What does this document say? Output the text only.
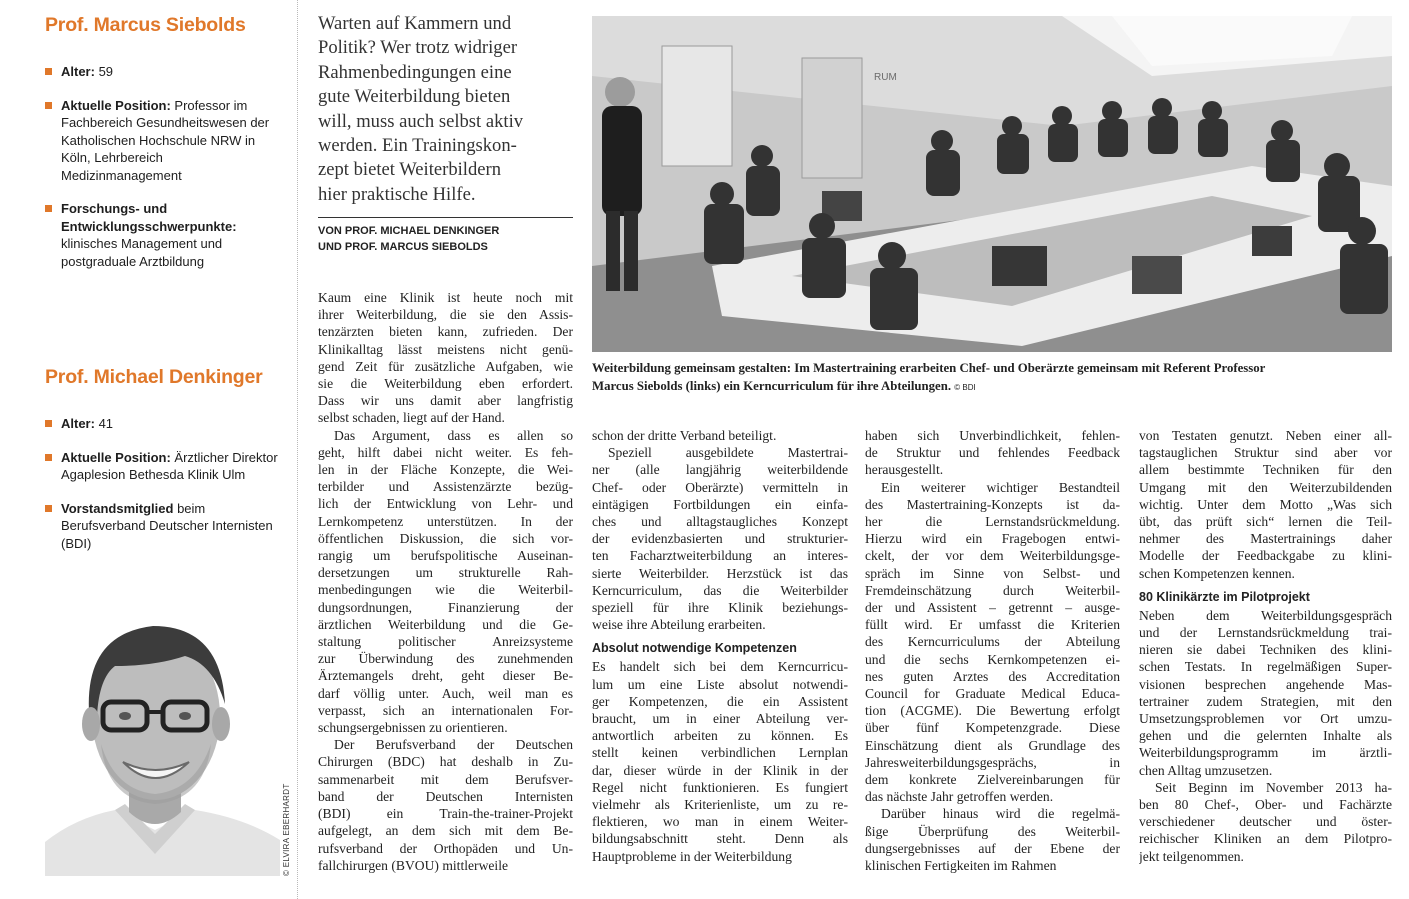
Prof. Marcus Siebolds
Alter: 59
Aktuelle Position: Professor im Fachbereich Gesundheitswesen der Katholischen Hochschule NRW in Köln, Lehrbereich Medizinmanagement
Forschungs- und Entwicklungsschwerpunkte: klinisches Management und postgraduale Arztbildung
Prof. Michael Denkinger
Alter: 41
Aktuelle Position: Ärztlicher Direktor Agaplesion Bethesda Klinik Ulm
Vorstandsmitglied beim Berufsverband Deutscher Internisten (BDI)
© ELVIRA EBERHARDT

Warten auf Kammern und
Politik? Wer trotz widriger
Rahmenbedingungen eine
gute Weiterbildung bieten
will, muss auch selbst aktiv
werden. Ein Trainingskon-
zept bietet Weiterbildern
hier praktische Hilfe.

VON PROF. MICHAEL DENKINGER
UND PROF. MARCUS SIEBOLDS
RUM
Weiterbildung gemeinsam gestalten: Im Mastertraining erarbeiten Chef- und Oberärzte gemeinsam mit Referent Professor
Marcus Siebolds (links) ein Kerncurriculum für ihre Abteilungen. © BDI
Kaum eine Klinik ist heute noch mit
ihrer Weiterbildung, die sie den Assis-
tenzärzten bieten kann, zufrieden. Der
Klinikalltag lässt meistens nicht genü-
gend Zeit für zusätzliche Aufgaben, wie
sie die Weiterbildung eben erfordert.
Dass wir uns damit aber langfristig
selbst schaden, liegt auf der Hand.
Das Argument, dass es allen so
geht, hilft dabei nicht weiter. Es feh-
len in der Fläche Konzepte, die Wei-
terbilder und Assistenzärzte bezüg-
lich der Entwicklung von Lehr- und
Lernkompetenz unterstützen. In der
öffentlichen Diskussion, die sich vor-
rangig um berufspolitische Auseinan-
dersetzungen um strukturelle Rah-
menbedingungen wie die Weiterbil-
dungsordnungen, Finanzierung der
ärztlichen Weiterbildung und die Ge-
staltung politischer Anreizsysteme
zur Überwindung des zunehmenden
Ärztemangels dreht, geht dieser Be-
darf völlig unter. Auch, weil man es
verpasst, sich an internationalen For-
schungsergebnissen zu orientieren.
Der Berufsverband der Deutschen
Chirurgen (BDC) hat deshalb in Zu-
sammenarbeit mit dem Berufsver-
band der Deutschen Internisten
(BDI) ein Train-the-trainer-Projekt
aufgelegt, an dem sich mit dem Be-
rufsverband der Orthopäden und Un-
fallchirurgen (BVOU) mittlerweile
schon der dritte Verband beteiligt.
Speziell ausgebildete Mastertrai-
ner (alle langjährig weiterbildende
Chef- oder Oberärzte) vermitteln in
eintägigen Fortbildungen ein einfa-
ches und alltagstaugliches Konzept
der evidenzbasierten und strukturier-
ten Facharztweiterbildung an interes-
sierte Weiterbilder. Herzstück ist das
Kerncurriculum, das die Weiterbilder
speziell für ihre Klinik beziehungs-
weise ihre Abteilung erarbeiten.
Absolut notwendige Kompetenzen
Es handelt sich bei dem Kerncurricu-
lum um eine Liste absolut notwendi-
ger Kompetenzen, die ein Assistent
braucht, um in einer Abteilung ver-
antwortlich arbeiten zu können. Es
stellt keinen verbindlichen Lernplan
dar, dieser würde in der Klinik in der
Regel nicht funktionieren. Es fungiert
vielmehr als Kriterienliste, um zu re-
flektieren, wo man in einem Weiter-
bildungsabschnitt steht. Denn als
Hauptprobleme in der Weiterbildung
haben sich Unverbindlichkeit, fehlen-
de Struktur und fehlendes Feedback
herausgestellt.
Ein weiterer wichtiger Bestandteil
des Mastertraining-Konzepts ist da-
her die Lernstandsrückmeldung.
Hierzu wird ein Fragebogen entwi-
ckelt, der vor dem Weiterbildungsge-
spräch im Sinne von Selbst- und
Fremdeinschätzung durch Weiterbil-
der und Assistent – getrennt – ausge-
füllt wird. Er umfasst die Kriterien
des Kerncurriculums der Abteilung
und die sechs Kernkompetenzen ei-
nes guten Arztes des Accreditation
Council for Graduate Medical Educa-
tion (ACGME). Die Bewertung erfolgt
über fünf Kompetenzgrade. Diese
Einschätzung dient als Grundlage des
Jahresweiterbildungsgesprächs, in
dem konkrete Zielvereinbarungen für
das nächste Jahr getroffen werden.
Darüber hinaus wird die regelmä-
ßige Überprüfung des Weiterbil-
dungsergebnisses auf der Ebene der
klinischen Fertigkeiten im Rahmen
von Testaten genutzt. Neben einer all-
tagstauglichen Struktur sind aber vor
allem bestimmte Techniken für den
Umgang mit den Weiterzubildenden
wichtig. Unter dem Motto „Was sich
übt, das prüft sich“ lernen die Teil-
nehmer des Mastertrainings daher
Modelle der Feedbackgabe zu klini-
schen Kompetenzen kennen.
80 Klinikärzte im Pilotprojekt
Neben dem Weiterbildungsgespräch
und der Lernstandsrückmeldung trai-
nieren sie dabei Techniken des klini-
schen Testats. In regelmäßigen Super-
visionen besprechen angehende Mas-
tertrainer zudem Strategien, mit den
Umsetzungsproblemen vor Ort umzu-
gehen und die gelernten Inhalte als
Weiterbildungsprogramm im ärztli-
chen Alltag umzusetzen.
Seit Beginn im November 2013 ha-
ben 80 Chef-, Ober- und Fachärzte
verschiedener deutscher und öster-
reichischer Kliniken an dem Pilotpro-
jekt teilgenommen.
